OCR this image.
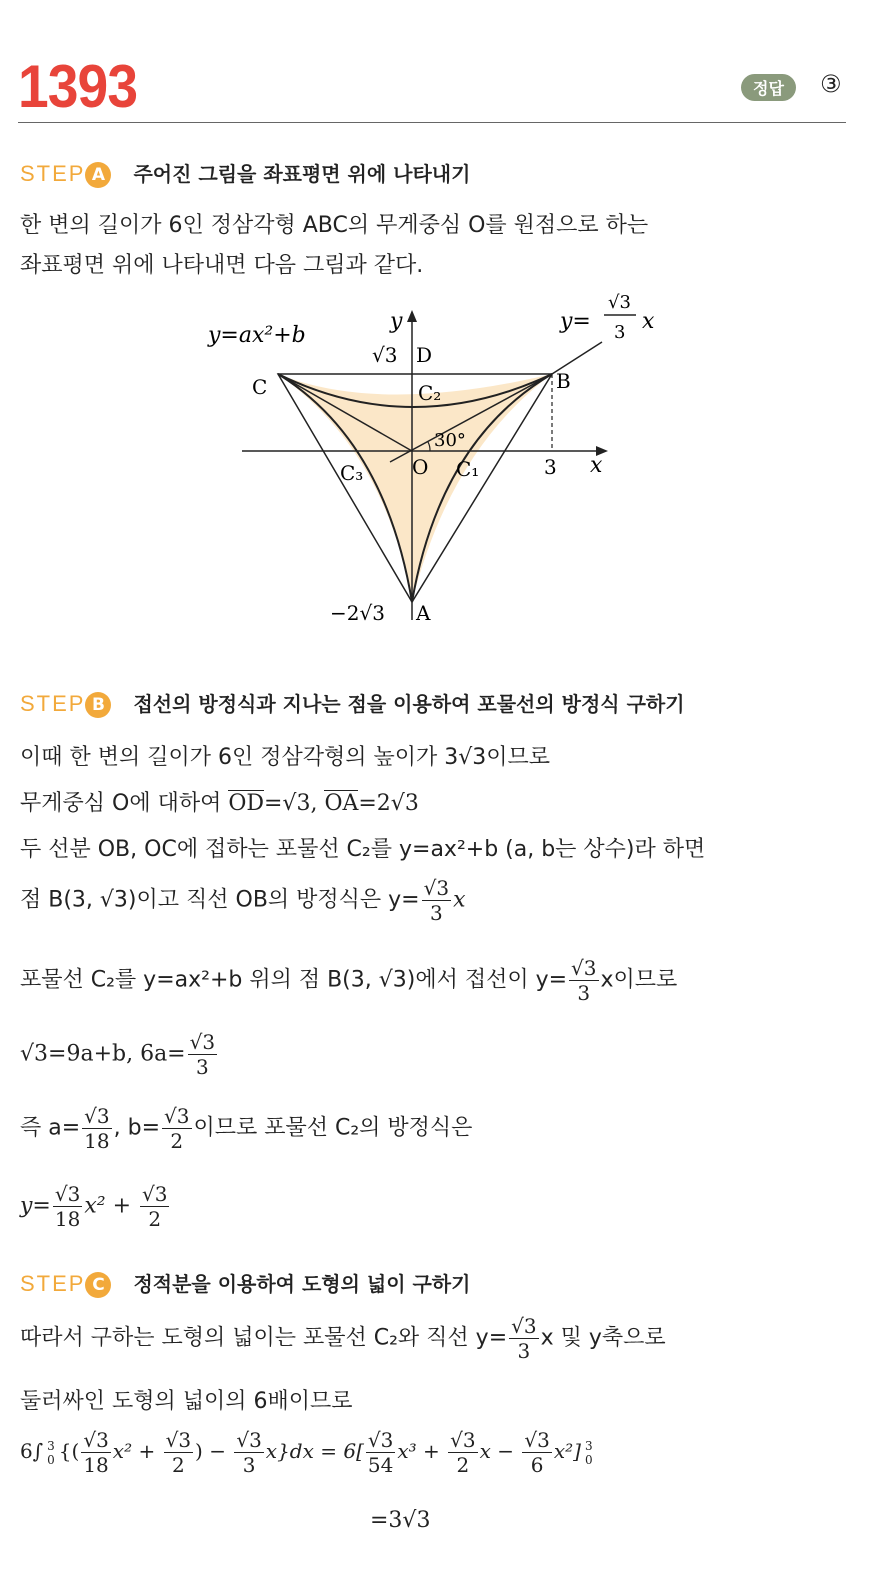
1393	정답	③
STEP A 주어진 그림을 좌표평면 위에 나타내기
한 변의 길이가 6인 정삼각형 ABC의 무게중심 O를 원점으로 하는
좌표평면 위에 나타내면 다음 그림과 같다.
y
x
y=ax²+b
y=
√3
3 x
√3 D
C	B
C₂
30°
C₃ O C₁	3
−2√3 A
STEP B 접선의 방정식과 지나는 점을 이용하여 포물선의 방정식 구하기
이때 한 변의 길이가 6인 정삼각형의 높이가 3√3이므로
무게중심 O에 대하여 OD=√3, OA=2√3
두 선분 OB, OC에 접하는 포물선 C₂를 y=ax²+b (a, b는 상수)라 하면
점 B(3, √3)이고 직선 OB의 방정식은 $y= \frac{√3}{3}$ x
포물선 C₂를 y=ax²+b 위의 점 B(3, √3)에서 접선이 $y= \frac{√3}{3}$ x이므로
√3=9a+b, $6a= \frac{√3}{3}$
즉 $a= \frac{√3}{18}$ , $b= \frac{√3}{2}$ 이므로 포물선 C₂의 방정식은
$y= \frac{√3}{18} x^2 + \frac{√3}{2}$
STEP C 정적분을 이용하여 도형의 넓이 구하기
따라서 구하는 도형의 넓이는 포물선 C₂와 직선 $y= \frac{√3}{3}$ x 및 y축으로
둘러싸인 도형의 넓이의 6배이므로
6∫ 3
0 {( $\frac{√3}{18} x^2 + \frac{√3}{2}$ ) − $\frac{√3}{3} x\}dx = 6[ \frac{√3}{54} x^3 + \frac{√3}{2}$ $x - \frac{√3}{6} x^2$] 3
0
=3√3
